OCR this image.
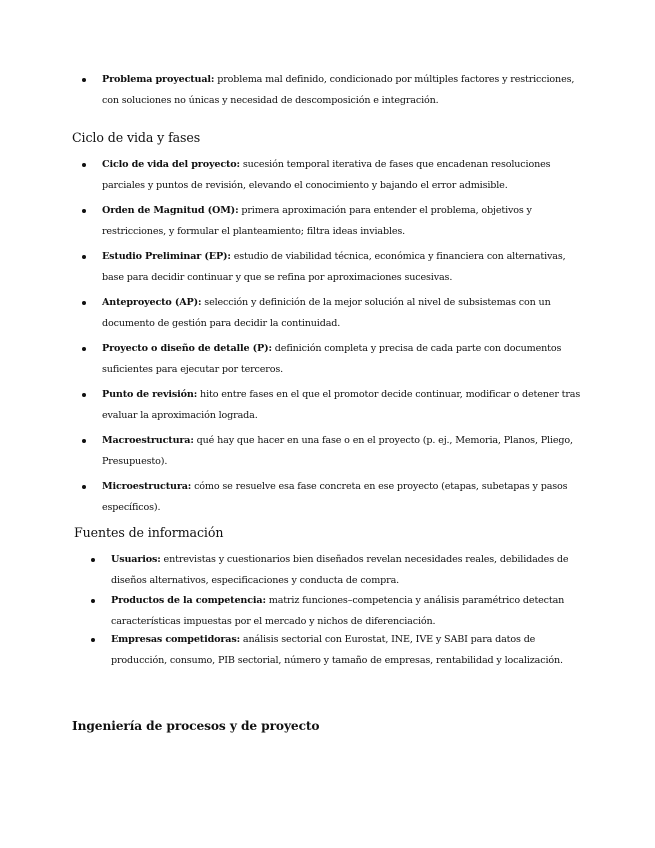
Problema proyectual: problema mal definido, condicionado por múltiples factores y restricciones, con soluciones no únicas y necesidad de descomposición e integración.
Ciclo de vida y fases
Ciclo de vida del proyecto: sucesión temporal iterativa de fases que encadenan resoluciones parciales y puntos de revisión, elevando el conocimiento y bajando el error admisible.
Orden de Magnitud (OM): primera aproximación para entender el problema, objetivos y restricciones, y formular el planteamiento; filtra ideas inviables.
Estudio Preliminar (EP): estudio de viabilidad técnica, económica y financiera con alternativas, base para decidir continuar y que se refina por aproximaciones sucesivas.
Anteproyecto (AP): selección y definición de la mejor solución al nivel de subsistemas con un documento de gestión para decidir la continuidad.
Proyecto o diseño de detalle (P): definición completa y precisa de cada parte con documentos suficientes para ejecutar por terceros.
Punto de revisión: hito entre fases en el que el promotor decide continuar, modificar o detener tras evaluar la aproximación lograda.
Macroestructura: qué hay que hacer en una fase o en el proyecto (p. ej., Memoria, Planos, Pliego, Presupuesto).
Microestructura: cómo se resuelve esa fase concreta en ese proyecto (etapas, subetapas y pasos específicos).
Fuentes de información
Usuarios: entrevistas y cuestionarios bien diseñados revelan necesidades reales, debilidades de diseños alternativos, especificaciones y conducta de compra.
Productos de la competencia: matriz funciones–competencia y análisis paramétrico detectan características impuestas por el mercado y nichos de diferenciación.
Empresas competidoras: análisis sectorial con Eurostat, INE, IVE y SABI para datos de producción, consumo, PIB sectorial, número y tamaño de empresas, rentabilidad y localización.
Ingeniería de procesos y de proyecto
